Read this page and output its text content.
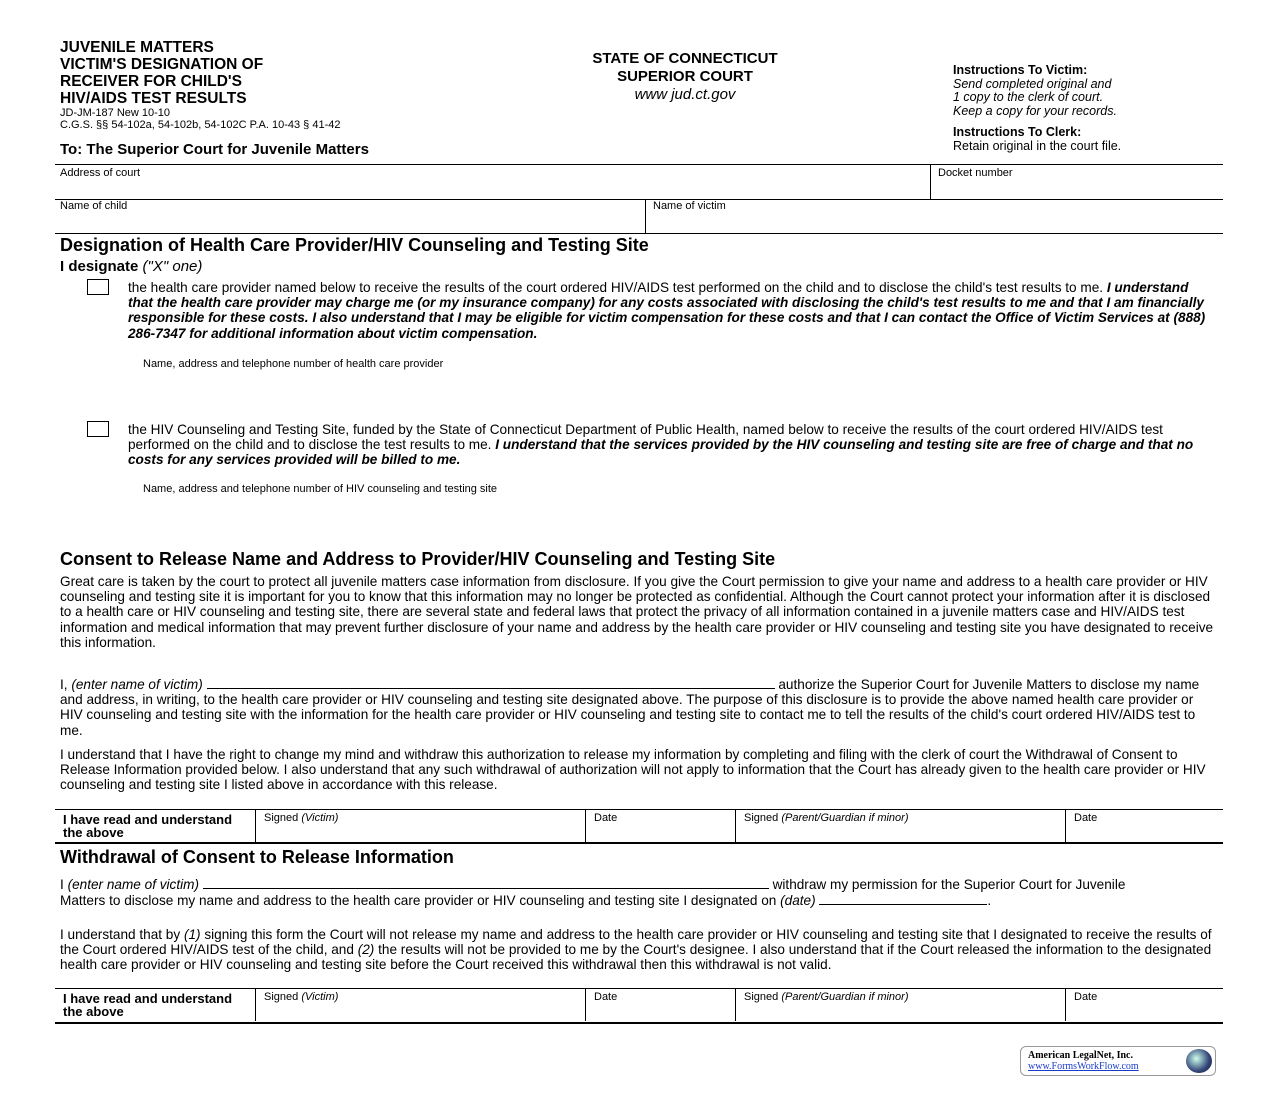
JUVENILE MATTERS
VICTIM'S DESIGNATION OF
RECEIVER FOR CHILD'S
HIV/AIDS TEST RESULTS
JD-JM-187 New 10-10
C.G.S. §§ 54-102a, 54-102b, 54-102C P.A. 10-43 § 41-42
STATE OF CONNECTICUT
SUPERIOR COURT
www jud.ct.gov
Instructions To Victim:
Send completed original and
1 copy to the clerk of court.
Keep a copy for your records.
Instructions To Clerk:
Retain original in the court file.
To: The Superior Court for Juvenile Matters
Address of court	Docket number
Name of child	Name of victim
Designation of Health Care Provider/HIV Counseling and Testing Site
I designate ("X" one)
the health care provider named below to receive the results of the court ordered HIV/AIDS test performed on the child and to disclose the child's test results to me. I understand that the health care provider may charge me (or my insurance company) for any costs associated with disclosing the child's test results to me and that I am financially responsible for these costs. I also understand that I may be eligible for victim compensation for these costs and that I can contact the Office of Victim Services at (888) 286-7347 for additional information about victim compensation.
Name, address and telephone number of health care provider
the HIV Counseling and Testing Site, funded by the State of Connecticut Department of Public Health, named below to receive the results of the court ordered HIV/AIDS test performed on the child and to disclose the test results to me. I understand that the services provided by the HIV counseling and testing site are free of charge and that no costs for any services provided will be billed to me.
Name, address and telephone number of HIV counseling and testing site
Consent to Release Name and Address to Provider/HIV Counseling and Testing Site
Great care is taken by the court to protect all juvenile matters case information from disclosure. If you give the Court permission to give your name and address to a health care provider or HIV counseling and testing site it is important for you to know that this information may no longer be protected as confidential. Although the Court cannot protect your information after it is disclosed to a health care or HIV counseling and testing site, there are several state and federal laws that protect the privacy of all information contained in a juvenile matters case and HIV/AIDS test information and medical information that may prevent further disclosure of your name and address by the health care provider or HIV counseling and testing site you have designated to receive this information.
I, (enter name of victim)	authorize the Superior Court for Juvenile Matters to disclose my name and address, in writing, to the health care provider or HIV counseling and testing site designated above. The purpose of this disclosure is to provide the above named health care provider or HIV counseling and testing site with the information for the health care provider or HIV counseling and testing site to contact me to tell the results of the child's court ordered HIV/AIDS test to me.
I understand that I have the right to change my mind and withdraw this authorization to release my information by completing and filing with the clerk of court the Withdrawal of Consent to Release Information provided below. I also understand that any such withdrawal of authorization will not apply to information that the Court has already given to the health care provider or HIV counseling and testing site I listed above in accordance with this release.
I have read and understand the above
Signed (Victim)	Date	Signed (Parent/Guardian if minor)	Date
Withdrawal of Consent to Release Information
I (enter name of victim)	withdraw my permission for the Superior Court for Juvenile Matters to disclose my name and address to the health care provider or HIV counseling and testing site I designated on (date)	.
I understand that by (1) signing this form the Court will not release my name and address to the health care provider or HIV counseling and testing site that I designated to receive the results of the Court ordered HIV/AIDS test of the child, and (2) the results will not be provided to me by the Court's designee. I also understand that if the Court released the information to the designated health care provider or HIV counseling and testing site before the Court received this withdrawal then this withdrawal is not valid.
I have read and understand the above
Signed (Victim)	Date	Signed (Parent/Guardian if minor)	Date
American LegalNet, Inc.
www.FormsWorkFlow.com
